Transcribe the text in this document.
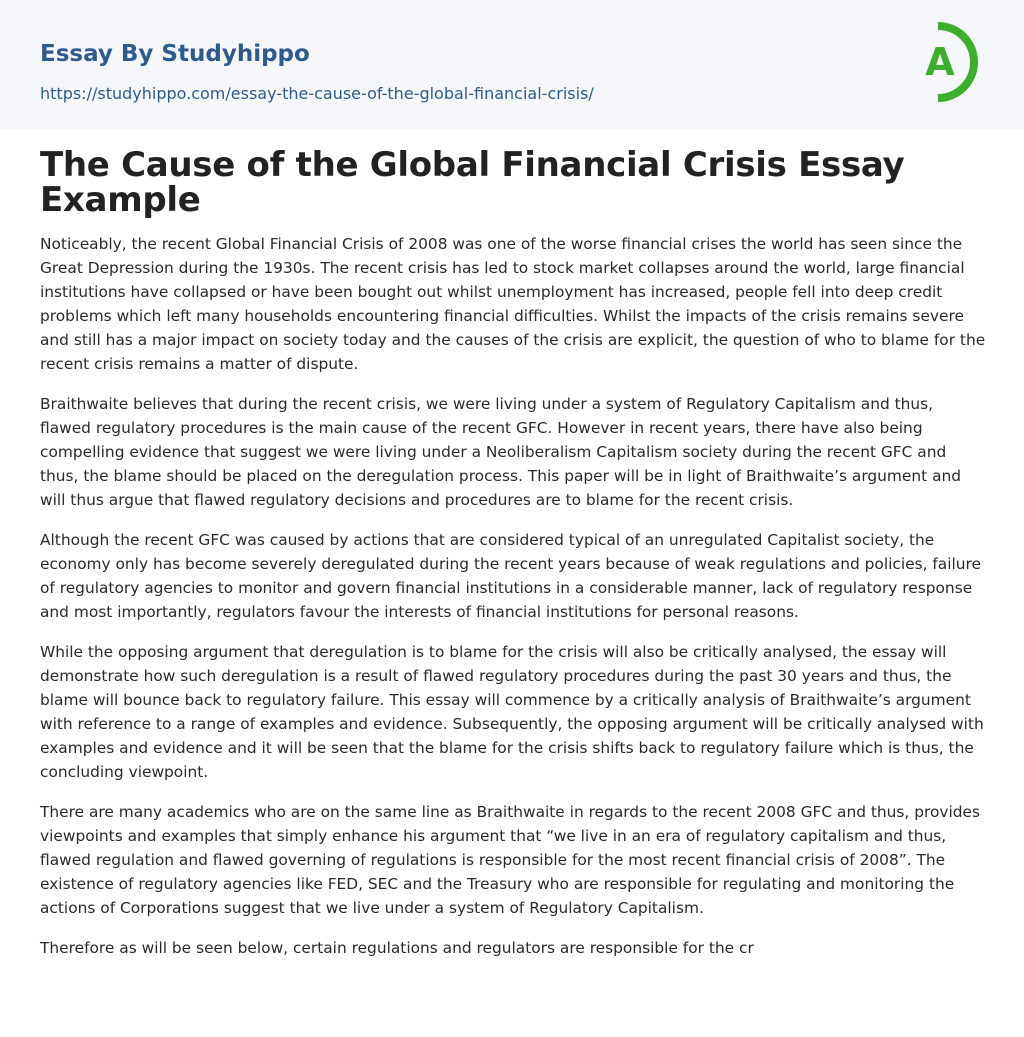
Essay By Studyhippo
https://studyhippo.com/essay-the-cause-of-the-global-financial-crisis/
A
The Cause of the Global Financial Crisis Essay Example

Noticeably, the recent Global Financial Crisis of 2008 was one of the worse financial crises the world has seen since the Great Depression during the 1930s. The recent crisis has led to stock market collapses around the world, large financial institutions have collapsed or have been bought out whilst unemployment has increased, people fell into deep credit problems which left many households encountering financial difficulties. Whilst the impacts of the crisis remains severe and still has a major impact on society today and the causes of the crisis are explicit, the question of who to blame for the recent crisis remains a matter of dispute.

Braithwaite believes that during the recent crisis, we were living under a system of Regulatory Capitalism and thus, flawed regulatory procedures is the main cause of the recent GFC. However in recent years, there have also being compelling evidence that suggest we were living under a Neoliberalism Capitalism society during the recent GFC and thus, the blame should be placed on the deregulation process. This paper will be in light of Braithwaite’s argument and will thus argue that flawed regulatory decisions and procedures are to blame for the recent crisis.

Although the recent GFC was caused by actions that are considered typical of an unregulated Capitalist society, the economy only has become severely deregulated during the recent years because of weak regulations and policies, failure of regulatory agencies to monitor and govern financial institutions in a considerable manner, lack of regulatory response and most importantly, regulators favour the interests of financial institutions for personal reasons.

While the opposing argument that deregulation is to blame for the crisis will also be critically analysed, the essay will demonstrate how such deregulation is a result of flawed regulatory procedures during the past 30 years and thus, the blame will bounce back to regulatory failure. This essay will commence by a critically analysis of Braithwaite’s argument with reference to a range of examples and evidence. Subsequently, the opposing argument will be critically analysed with examples and evidence and it will be seen that the blame for the crisis shifts back to regulatory failure which is thus, the concluding viewpoint.

There are many academics who are on the same line as Braithwaite in regards to the recent 2008 GFC and thus, provides viewpoints and examples that simply enhance his argument that “we live in an era of regulatory capitalism and thus, flawed regulation and flawed governing of regulations is responsible for the most recent financial crisis of 2008”. The existence of regulatory agencies like FED, SEC and the Treasury who are responsible for regulating and monitoring the actions of Corporations suggest that we live under a system of Regulatory Capitalism.

Therefore as will be seen below, certain regulations and regulators are responsible for the cr
